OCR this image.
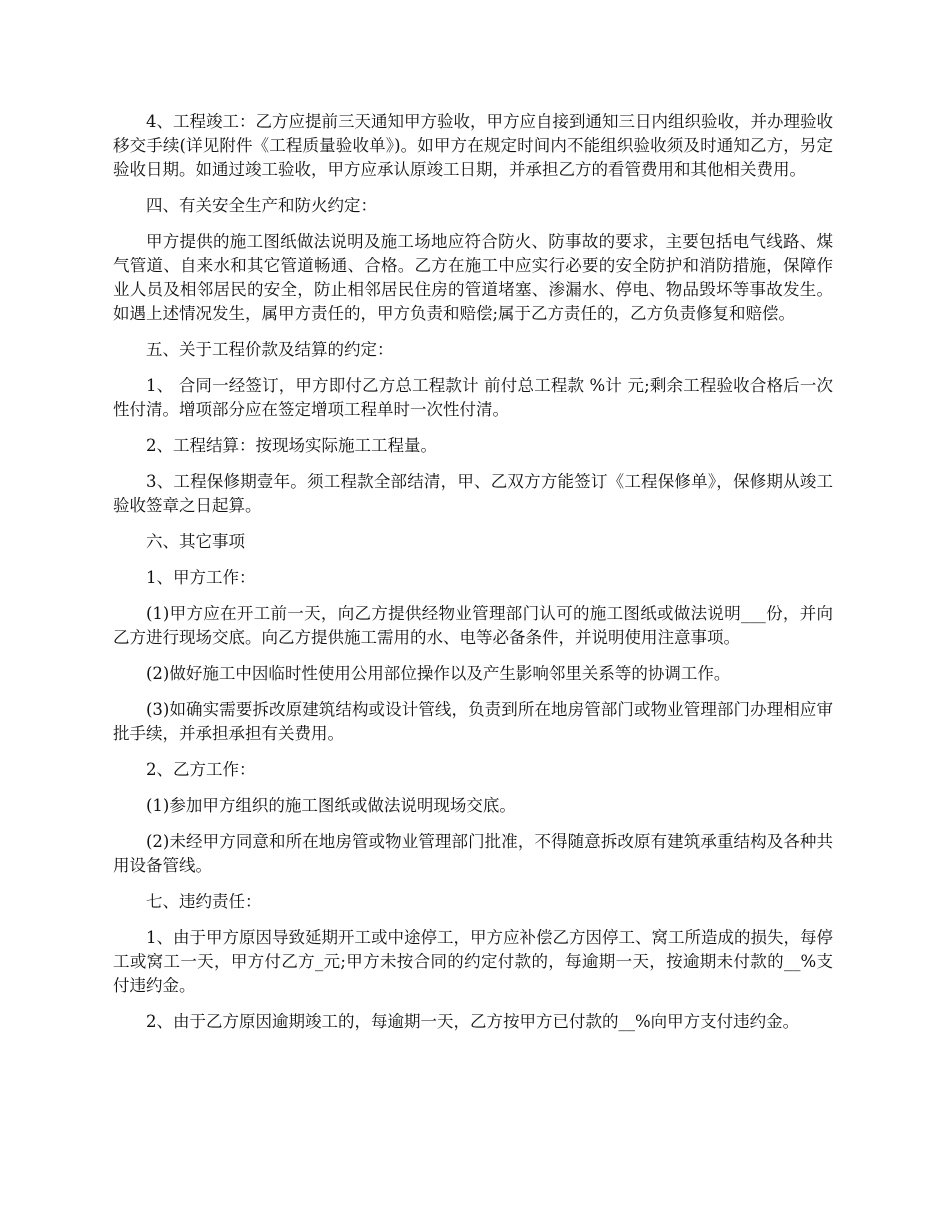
4、工程竣工：乙方应提前三天通知甲方验收，甲方应自接到通知三日内组织验收，并办理验收移交手续(详见附件《工程质量验收单》)。如甲方在规定时间内不能组织验收须及时通知乙方，另定验收日期。如通过竣工验收，甲方应承认原竣工日期，并承担乙方的看管费用和其他相关费用。

四、有关安全生产和防火约定：

甲方提供的施工图纸做法说明及施工场地应符合防火、防事故的要求，主要包括电气线路、煤气管道、自来水和其它管道畅通、合格。乙方在施工中应实行必要的安全防护和消防措施，保障作业人员及相邻居民的安全，防止相邻居民住房的管道堵塞、渗漏水、停电、物品毁坏等事故发生。如遇上述情况发生，属甲方责任的，甲方负责和赔偿;属于乙方责任的，乙方负责修复和赔偿。

五、关于工程价款及结算的约定：

1、 合同一经签订，甲方即付乙方总工程款计 前付总工程款 %计 元;剩余工程验收合格后一次性付清。增项部分应在签定增项工程单时一次性付清。

2、工程结算：按现场实际施工工程量。

3、工程保修期壹年。须工程款全部结清，甲、乙双方方能签订《工程保修单》，保修期从竣工验收签章之日起算。

六、其它事项

1、甲方工作：

(1)甲方应在开工前一天，向乙方提供经物业管理部门认可的施工图纸或做法说明___份，并向乙方进行现场交底。向乙方提供施工需用的水、电等必备条件，并说明使用注意事项。

(2)做好施工中因临时性使用公用部位操作以及产生影响邻里关系等的协调工作。

(3)如确实需要拆改原建筑结构或设计管线，负责到所在地房管部门或物业管理部门办理相应审批手续，并承担承担有关费用。

2、乙方工作：

(1)参加甲方组织的施工图纸或做法说明现场交底。

(2)未经甲方同意和所在地房管或物业管理部门批准，不得随意拆改原有建筑承重结构及各种共用设备管线。

七、违约责任：

1、由于甲方原因导致延期开工或中途停工，甲方应补偿乙方因停工、窝工所造成的损失，每停工或窝工一天，甲方付乙方_元;甲方未按合同的约定付款的，每逾期一天，按逾期未付款的__%支付违约金。

2、由于乙方原因逾期竣工的，每逾期一天，乙方按甲方已付款的__%向甲方支付违约金。
